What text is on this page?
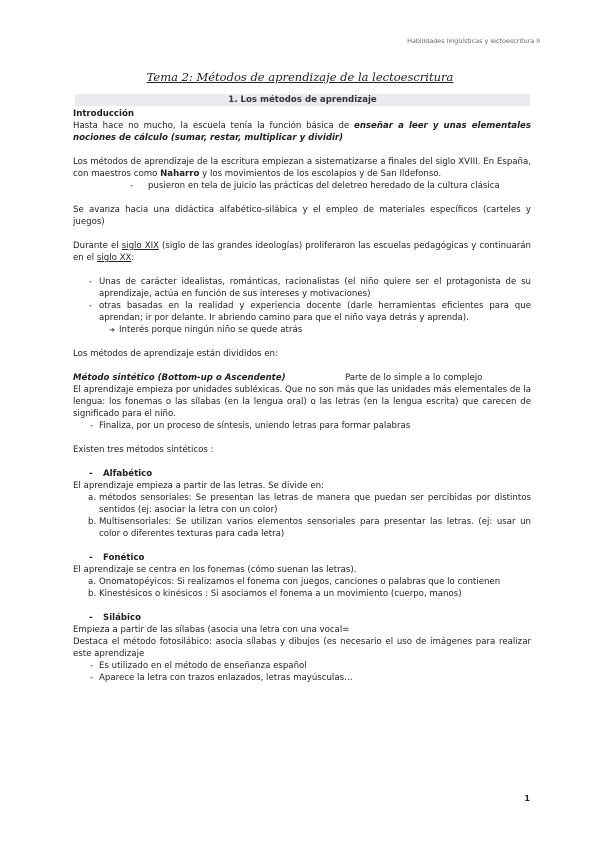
Habilidades lingüísticas y lectoescritura II
Tema 2: Métodos de aprendizaje de la lectoescritura
1. Los métodos de aprendizaje

Introducción

Hasta hace no mucho, la escuela tenía la función básica de enseñar a leer y unas elementales nociones de cálculo (sumar, restar, multiplicar y dividir)

Los métodos de aprendizaje de la escritura empiezan a sistematizarse a finales del siglo XVIII. En España, con maestros como Naharro y los movimientos de los escolapios y de San Ildefonso.

- pusieron en tela de juicio las prácticas del deletreo heredado de la cultura clásica

Se avanza hacia una didáctica alfabético-silábica y el empleo de materiales específicos (carteles y juegos)

Durante el siglo XIX (siglo de las grandes ideologías) proliferaron las escuelas pedagógicas y continuarán en el siglo XX:

- Unas de carácter idealistas, románticas, racionalistas (el niño quiere ser el protagonista de su aprendizaje, actúa en función de sus intereses y motivaciones)
- otras basadas en la realidad y experiencia docente (darle herramientas eficientes para que aprendan; ir por delante. Ir abriendo camino para que el niño vaya detrás y aprenda).

➔ Interés porque ningún niño se quede atrás

Los métodos de aprendizaje están divididos en:

Método sintético (Bottom-up o Ascendente)	Parte de lo simple a lo complejo

El aprendizaje empieza por unidades subléxicas. Que no son más que las unidades más elementales de la lengua: los fonemas o las sílabas (en la lengua oral) o las letras (en la lengua escrita) que carecen de significado para el niño.

- Finaliza, por un proceso de síntesis, uniendo letras para formar palabras

Existen tres métodos sintéticos :

- Alfabético

El aprendizaje empieza a partir de las letras. Se divide en:

a. métodos sensoriales: Se presentan las letras de manera que puedan ser percibidas por distintos sentidos (ej: asociar la letra con un color)
b. Multisensoriales: Se utilizan varios elementos sensoriales para presentar las letras. (ej: usar un color o diferentes texturas para cada letra)

- Fonético

El aprendizaje se centra en los fonemas (cómo suenan las letras).

a. Onomatopéyicos: Si realizamos el fonema con juegos, canciones o palabras que lo contienen
b. Kinestésicos o kinésicos : Si asociamos el fonema a un movimiento (cuerpo, manos)

- Silábico

Empieza a partir de las sílabas (asocia una letra con una vocal=

Destaca el método fotosilábico: asocia sílabas y dibujos (es necesario el uso de imágenes para realizar este aprendizaje

- Es utilizado en el método de enseñanza español
- Aparece la letra con trazos enlazados, letras mayúsculas…
1
